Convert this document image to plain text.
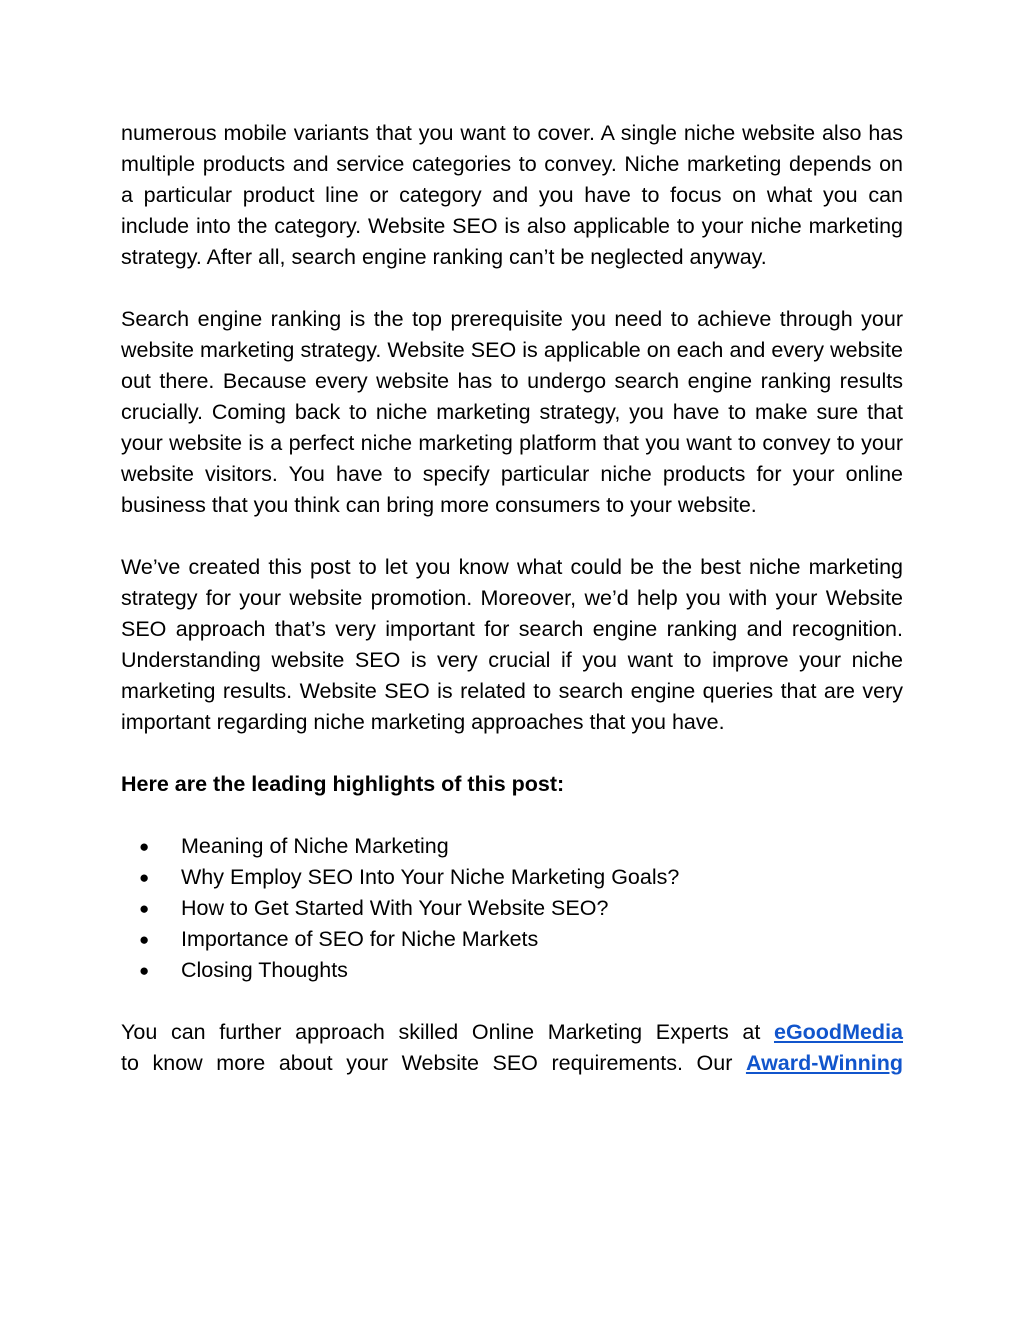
numerous mobile variants that you want to cover. A single niche website also has multiple products and service categories to convey. Niche marketing depends on a particular product line or category and you have to focus on what you can include into the category. Website SEO is also applicable to your niche marketing strategy. After all, search engine ranking can’t be neglected anyway.

Search engine ranking is the top prerequisite you need to achieve through your website marketing strategy. Website SEO is applicable on each and every website out there. Because every website has to undergo search engine ranking results crucially. Coming back to niche marketing strategy, you have to make sure that your website is a perfect niche marketing platform that you want to convey to your website visitors. You have to specify particular niche products for your online business that you think can bring more consumers to your website.

We’ve created this post to let you know what could be the best niche marketing strategy for your website promotion. Moreover, we’d help you with your Website SEO approach that’s very important for search engine ranking and recognition. Understanding website SEO is very crucial if you want to improve your niche marketing results. Website SEO is related to search engine queries that are very important regarding niche marketing approaches that you have.

Here are the leading highlights of this post:

● Meaning of Niche Marketing
● Why Employ SEO Into Your Niche Marketing Goals?
● How to Get Started With Your Website SEO?
● Importance of SEO for Niche Markets
● Closing Thoughts

You can further approach skilled Online Marketing Experts at eGoodMedia
to know more about your Website SEO requirements. Our Award-Winning
